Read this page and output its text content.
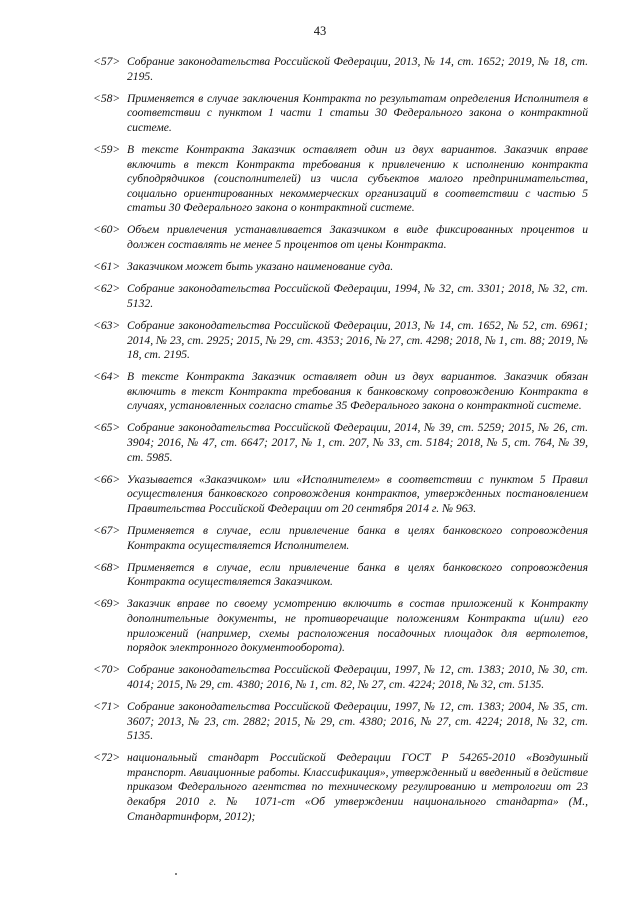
43
<57> Собрание законодательства Российской Федерации, 2013, № 14, ст. 1652; 2019, № 18, ст. 2195.
<58> Применяется в случае заключения Контракта по результатам определения Исполнителя в соответствии с пунктом 1 части 1 статьи 30 Федерального закона о контрактной системе.
<59> В тексте Контракта Заказчик оставляет один из двух вариантов. Заказчик вправе включить в текст Контракта требования к привлечению к исполнению контракта субподрядчиков (соисполнителей) из числа субъектов малого предпринимательства, социально ориентированных некоммерческих организаций в соответствии с частью 5 статьи 30 Федерального закона о контрактной системе.
<60> Объем привлечения устанавливается Заказчиком в виде фиксированных процентов и должен составлять не менее 5 процентов от цены Контракта.
<61> Заказчиком может быть указано наименование суда.
<62> Собрание законодательства Российской Федерации, 1994, № 32, ст. 3301; 2018, № 32, ст. 5132.
<63> Собрание законодательства Российской Федерации, 2013, № 14, ст. 1652, № 52, ст. 6961; 2014, № 23, ст. 2925; 2015, № 29, ст. 4353; 2016, № 27, ст. 4298; 2018, № 1, ст. 88; 2019, № 18, ст. 2195.
<64> В тексте Контракта Заказчик оставляет один из двух вариантов. Заказчик обязан включить в текст Контракта требования к банковскому сопровождению Контракта в случаях, установленных согласно статье 35 Федерального закона о контрактной системе.
<65> Собрание законодательства Российской Федерации, 2014, № 39, ст. 5259; 2015, № 26, ст. 3904; 2016, № 47, ст. 6647; 2017, № 1, ст. 207, № 33, ст. 5184; 2018, № 5, ст. 764, № 39, ст. 5985.
<66> Указывается «Заказчиком» или «Исполнителем» в соответствии с пунктом 5 Правил осуществления банковского сопровождения контрактов, утвержденных постановлением Правительства Российской Федерации от 20 сентября 2014 г. № 963.
<67> Применяется в случае, если привлечение банка в целях банковского сопровождения Контракта осуществляется Исполнителем.
<68> Применяется в случае, если привлечение банка в целях банковского сопровождения Контракта осуществляется Заказчиком.
<69> Заказчик вправе по своему усмотрению включить в состав приложений к Контракту дополнительные документы, не противоречащие положениям Контракта и(или) его приложений (например, схемы расположения посадочных площадок для вертолетов, порядок электронного документооборота).
<70> Собрание законодательства Российской Федерации, 1997, № 12, ст. 1383; 2010, № 30, ст. 4014; 2015, № 29, ст. 4380; 2016, № 1, ст. 82, № 27, ст. 4224; 2018, № 32, ст. 5135.
<71> Собрание законодательства Российской Федерации, 1997, № 12, ст. 1383; 2004, № 35, ст. 3607; 2013, № 23, ст. 2882; 2015, № 29, ст. 4380; 2016, № 27, ст. 4224; 2018, № 32, ст. 5135.
<72> национальный стандарт Российской Федерации ГОСТ Р 54265-2010 «Воздушный транспорт. Авиационные работы. Классификация», утвержденный и введенный в действие приказом Федерального агентства по техническому регулированию и метрологии от 23 декабря 2010 г. № 1071-ст «Об утверждении национального стандарта» (М., Стандартинформ, 2012);
